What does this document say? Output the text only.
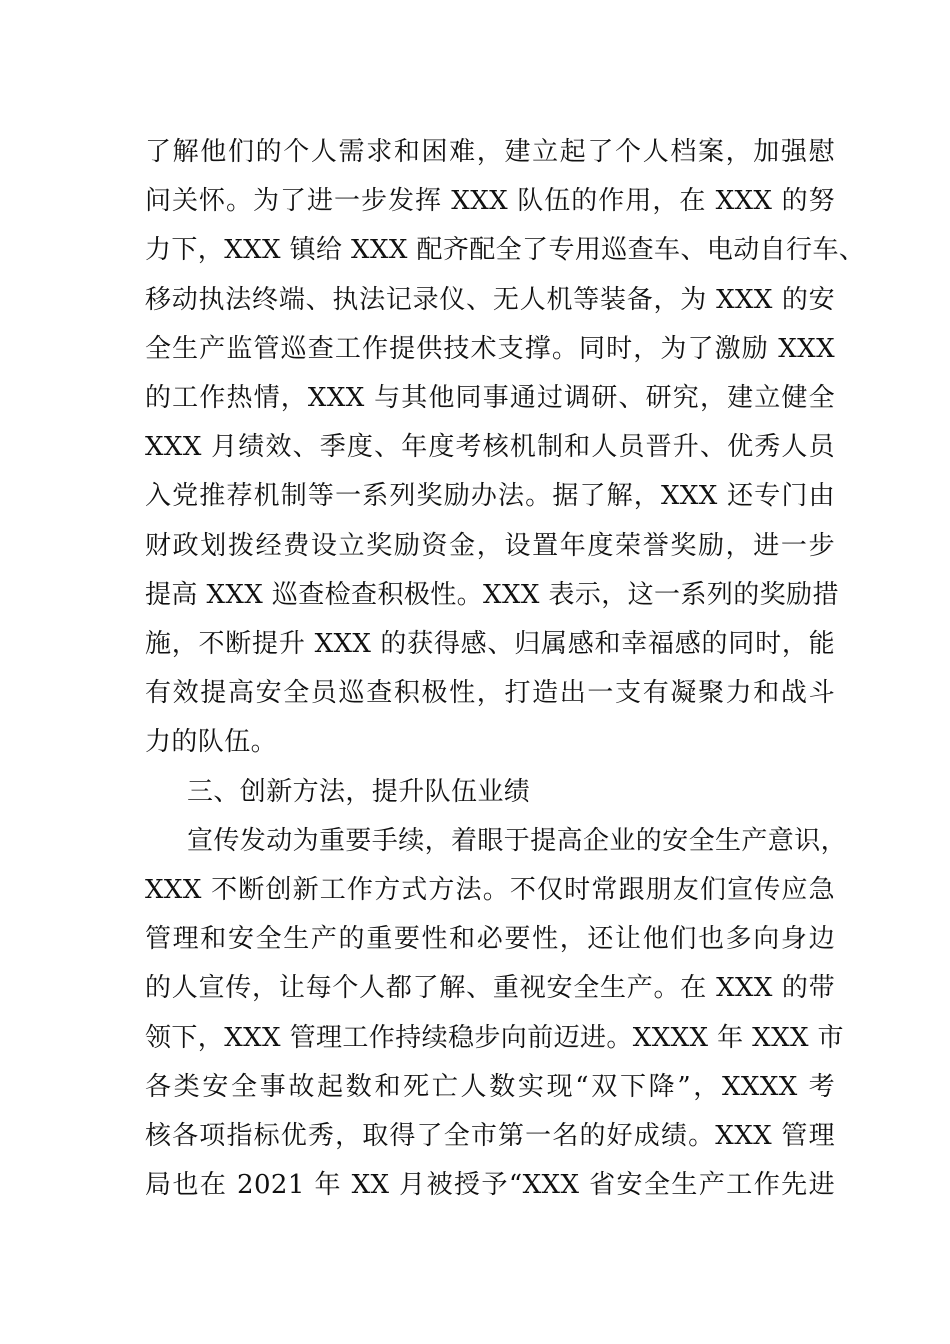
了解他们的个人需求和困难，建立起了个人档案，加强慰
问关怀。为了进一步发挥 XXX 队伍的作用，在 XXX 的努
力下，XXX 镇给 XXX 配齐配全了专用巡查车、电动自行车、
移动执法终端、执法记录仪、无人机等装备，为 XXX 的安
全生产监管巡查工作提供技术支撑。同时，为了激励 XXX
的工作热情，XXX 与其他同事通过调研、研究，建立健全
XXX 月绩效、季度、年度考核机制和人员晋升、优秀人员
入党推荐机制等一系列奖励办法。据了解，XXX 还专门由
财政划拨经费设立奖励资金，设置年度荣誉奖励，进一步
提高 XXX 巡查检查积极性。XXX 表示，这一系列的奖励措
施，不断提升 XXX 的获得感、归属感和幸福感的同时，能
有效提高安全员巡查积极性，打造出一支有凝聚力和战斗
力的队伍。
三、创新方法，提升队伍业绩
宣传发动为重要手续，着眼于提高企业的安全生产意识，
XXX 不断创新工作方式方法。不仅时常跟朋友们宣传应急
管理和安全生产的重要性和必要性，还让他们也多向身边
的人宣传，让每个人都了解、重视安全生产。在 XXX 的带
领下，XXX 管理工作持续稳步向前迈进。XXXX 年 XXX 市
各类安全事故起数和死亡人数实现“双下降”，XXXX 考
核各项指标优秀，取得了全市第一名的好成绩。XXX 管理
局也在 2021 年 XX 月被授予“XXX 省安全生产工作先进
